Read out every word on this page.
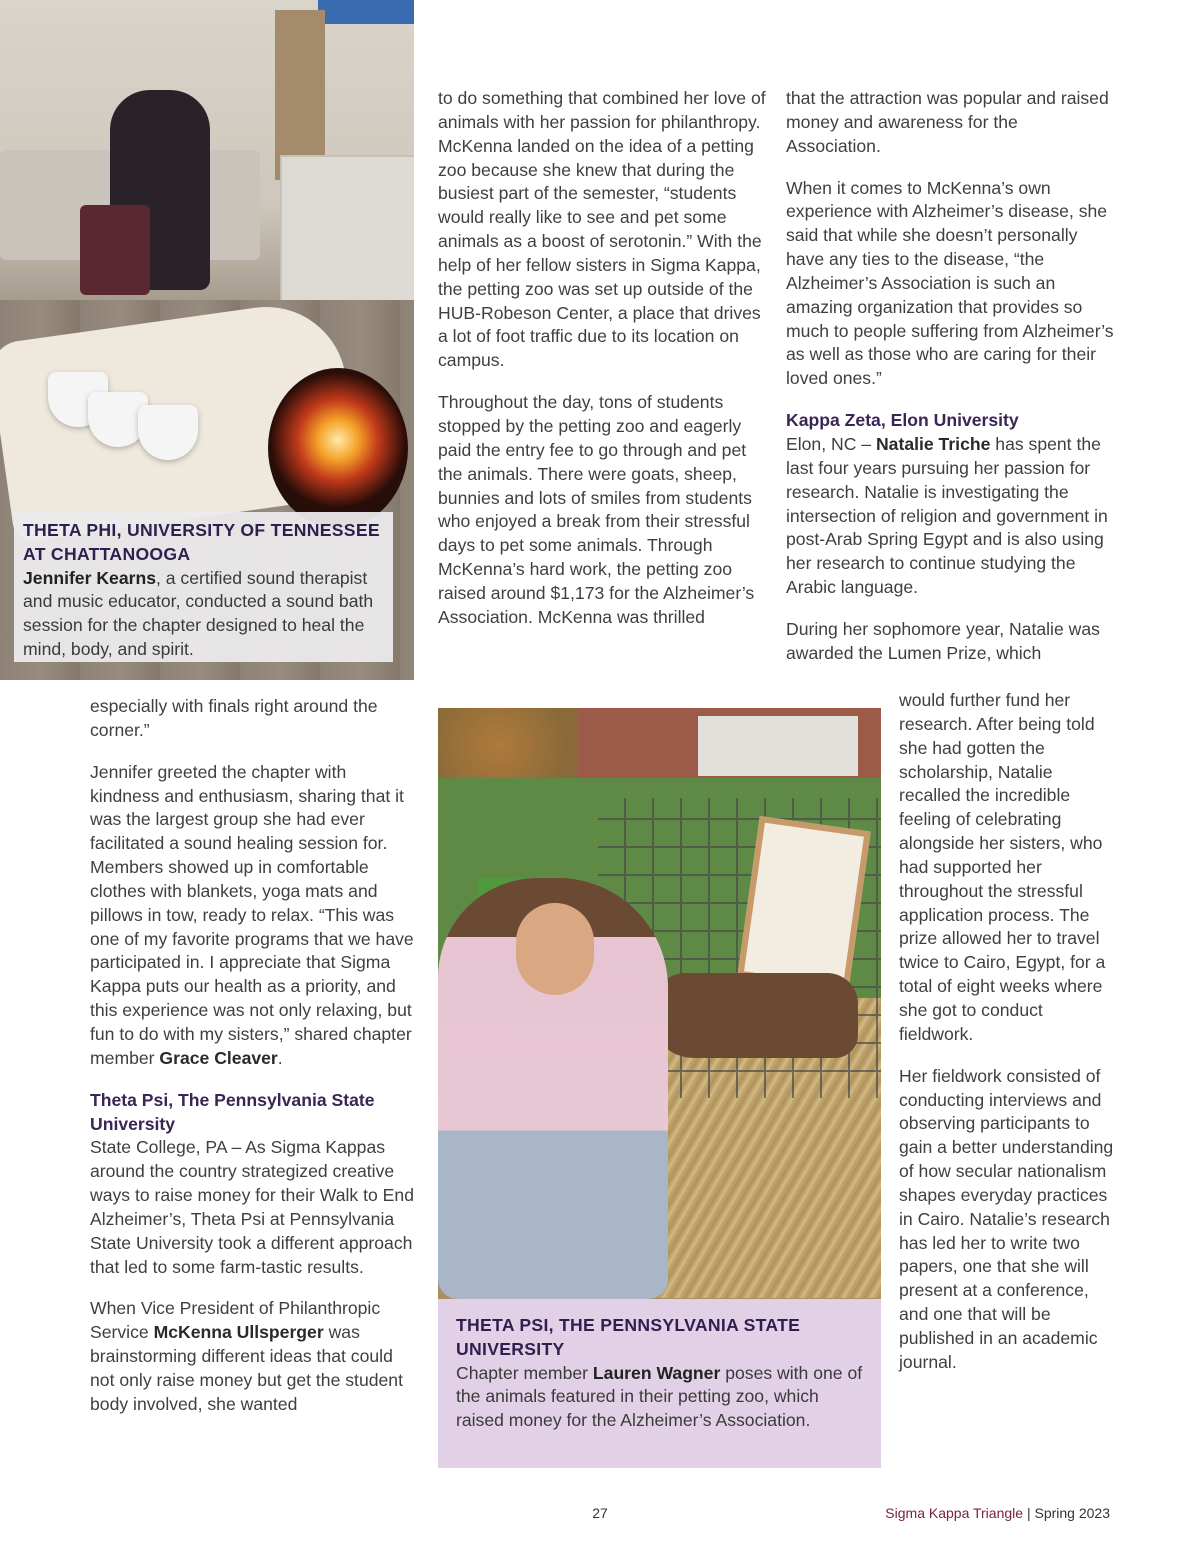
THETA PHI, UNIVERSITY OF TENNESSEE AT CHATTANOOGA
Jennifer Kearns, a certified sound therapist and music educator, conducted a sound bath session for the chapter designed to heal the mind, body, and spirit.

especially with finals right around the corner.”

Jennifer greeted the chapter with kindness and enthusiasm, sharing that it was the largest group she had ever facilitated a sound healing session for. Members showed up in comfortable clothes with blankets, yoga mats and pillows in tow, ready to relax. “This was one of my favorite programs that we have participated in. I appreciate that Sigma Kappa puts our health as a priority, and this experience was not only relaxing, but fun to do with my sisters,” shared chapter member Grace Cleaver.

Theta Psi, The Pennsylvania State University

State College, PA – As Sigma Kappas around the country strategized creative ways to raise money for their Walk to End Alzheimer’s, Theta Psi at Pennsylvania State University took a different approach that led to some farm-tastic results.

When Vice President of Philanthropic Service McKenna Ullsperger was brainstorming different ideas that could not only raise money but get the student body involved, she wanted

to do something that combined her love of animals with her passion for philanthropy. McKenna landed on the idea of a petting zoo because she knew that during the busiest part of the semester, “students would really like to see and pet some animals as a boost of serotonin.” With the help of her fellow sisters in Sigma Kappa, the petting zoo was set up outside of the HUB-Robeson Center, a place that drives a lot of foot traffic due to its location on campus.

Throughout the day, tons of students stopped by the petting zoo and eagerly paid the entry fee to go through and pet the animals. There were goats, sheep, bunnies and lots of smiles from students who enjoyed a break from their stressful days to pet some animals. Through McKenna’s hard work, the petting zoo raised around $1,173 for the Alzheimer’s Association. McKenna was thrilled

THETA PSI, THE PENNSYLVANIA STATE UNIVERSITY
Chapter member Lauren Wagner poses with one of the animals featured in their petting zoo, which raised money for the Alzheimer’s Association.

that the attraction was popular and raised money and awareness for the Association.

When it comes to McKenna’s own experience with Alzheimer’s disease, she said that while she doesn’t personally have any ties to the disease, “the Alzheimer’s Association is such an amazing organization that provides so much to people suffering from Alzheimer’s as well as those who are caring for their loved ones.”

Kappa Zeta, Elon University

Elon, NC – Natalie Triche has spent the last four years pursuing her passion for research. Natalie is investigating the intersection of religion and government in post-Arab Spring Egypt and is also using her research to continue studying the Arabic language.

During her sophomore year, Natalie was awarded the Lumen Prize, which

would further fund her research. After being told she had gotten the scholarship, Natalie recalled the incredible feeling of celebrating alongside her sisters, who had supported her throughout the stressful application process. The prize allowed her to travel twice to Cairo, Egypt, for a total of eight weeks where she got to conduct fieldwork.

Her fieldwork consisted of conducting interviews and observing participants to gain a better understanding of how secular nationalism shapes everyday practices in Cairo. Natalie’s research has led her to write two papers, one that she will present at a conference, and one that will be published in an academic journal.

27	Sigma Kappa Triangle | Spring 2023
